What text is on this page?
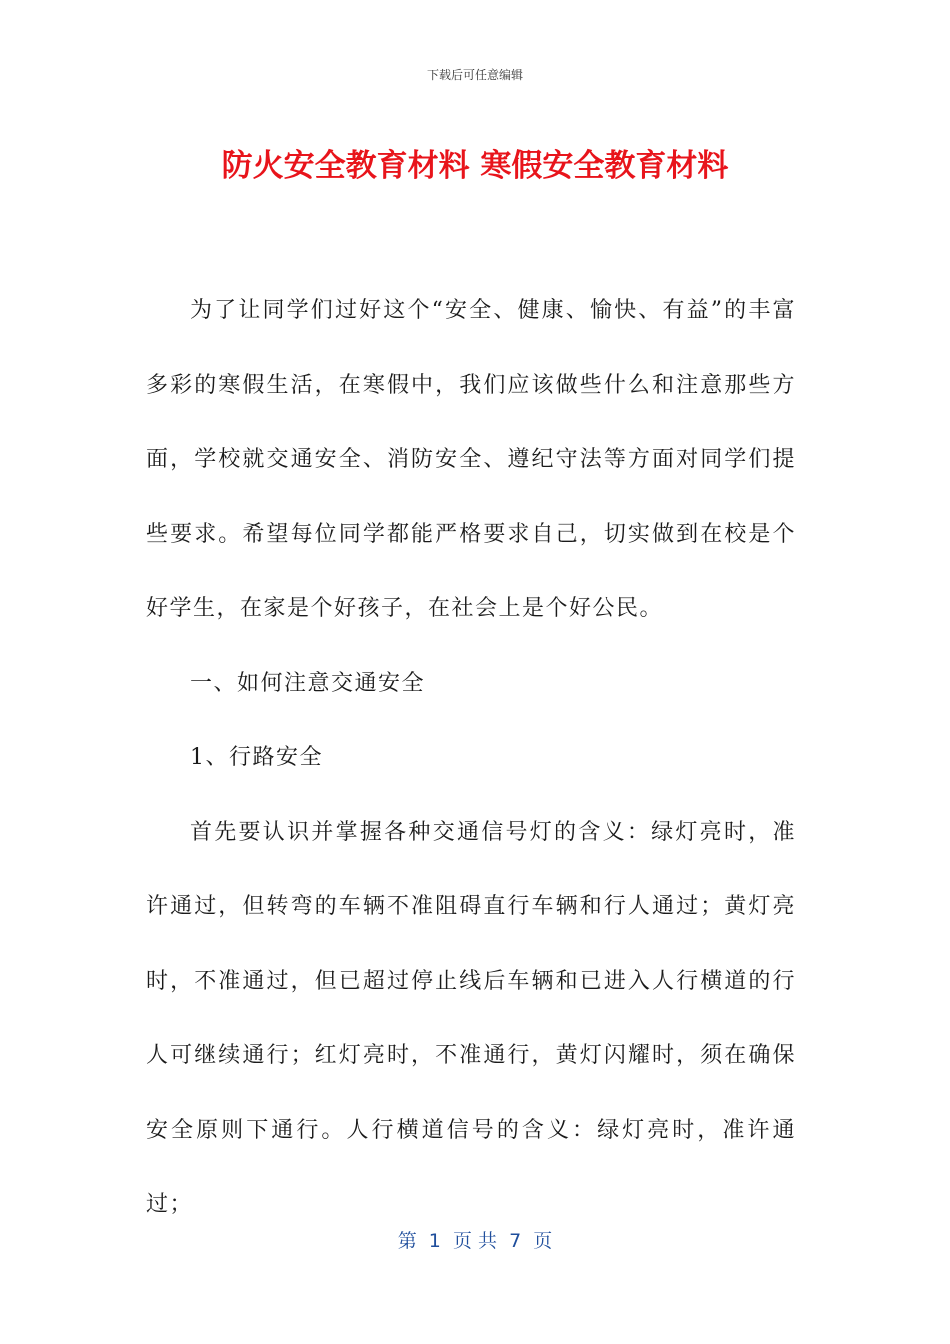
下载后可任意编辑
防火安全教育材料 寒假安全教育材料

为了让同学们过好这个“安全、健康、愉快、有益”的丰富多彩的寒假生活，在寒假中，我们应该做些什么和注意那些方面，学校就交通安全、消防安全、遵纪守法等方面对同学们提些要求。希望每位同学都能严格要求自己，切实做到在校是个好学生，在家是个好孩子，在社会上是个好公民。

一、如何注意交通安全

1、行路安全

首先要认识并掌握各种交通信号灯的含义：绿灯亮时，准许通过，但转弯的车辆不准阻碍直行车辆和行人通过；黄灯亮时，不准通过，但已超过停止线后车辆和已进入人行横道的行人可继续通行；红灯亮时，不准通行，黄灯闪耀时，须在确保安全原则下通行。人行横道信号的含义：绿灯亮时，准许通过；

第  1  页 共  7  页
